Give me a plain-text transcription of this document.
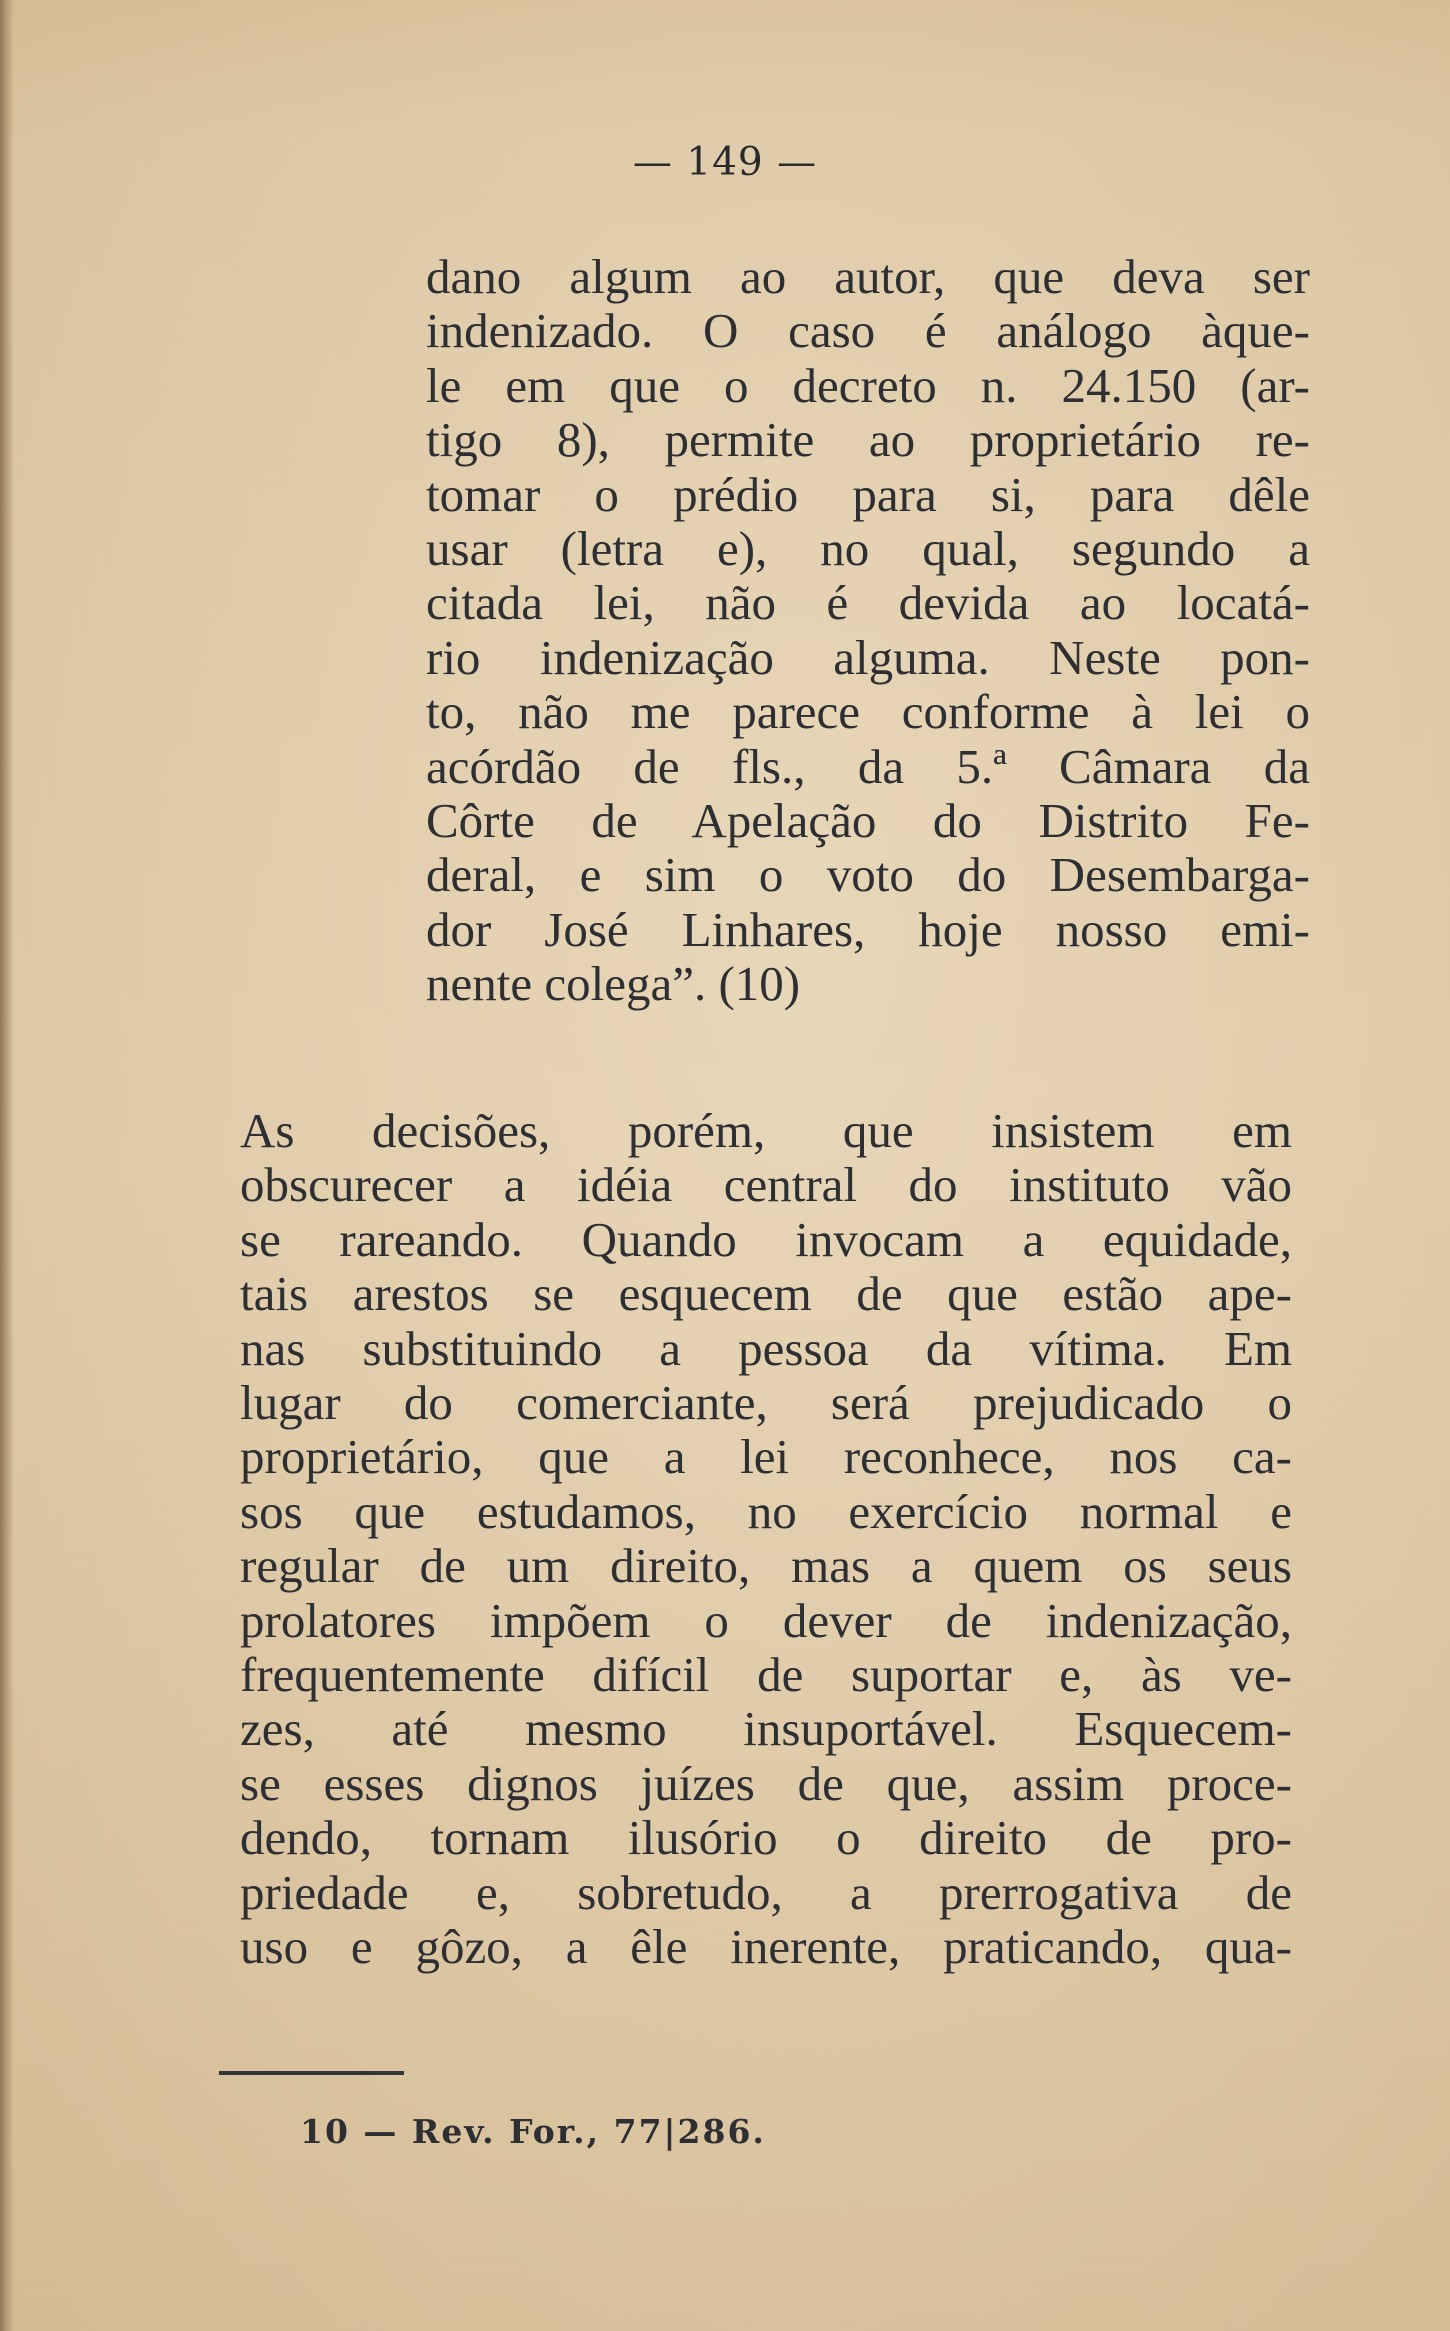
— 149 —
dano algum ao autor, que deva ser
indenizado. O caso é análogo àque-
le em que o decreto n. 24.150 (ar-
tigo 8), permite ao proprietário re-
tomar o prédio para si, para dêle
usar (letra e), no qual, segundo a
citada lei, não é devida ao locatá-
rio indenização alguma. Neste pon-
to, não me parece conforme à lei o
acórdão de fls., da 5.ª Câmara da
Côrte de Apelação do Distrito Fe-
deral, e sim o voto do Desembarga-
dor José Linhares, hoje nosso emi-
nente colega”. (10)
As decisões, porém, que insistem em
obscurecer a idéia central do instituto vão
se rareando. Quando invocam a equidade,
tais arestos se esquecem de que estão ape-
nas substituindo a pessoa da vítima. Em
lugar do comerciante, será prejudicado o
proprietário, que a lei reconhece, nos ca-
sos que estudamos, no exercício normal e
regular de um direito, mas a quem os seus
prolatores impõem o dever de indenização,
frequentemente difícil de suportar e, às ve-
zes, até mesmo insuportável. Esquecem-
se esses dignos juízes de que, assim proce-
dendo, tornam ilusório o direito de pro-
priedade e, sobretudo, a prerrogativa de
uso e gôzo, a êle inerente, praticando, qua-
10 — Rev. For., 77|286.
